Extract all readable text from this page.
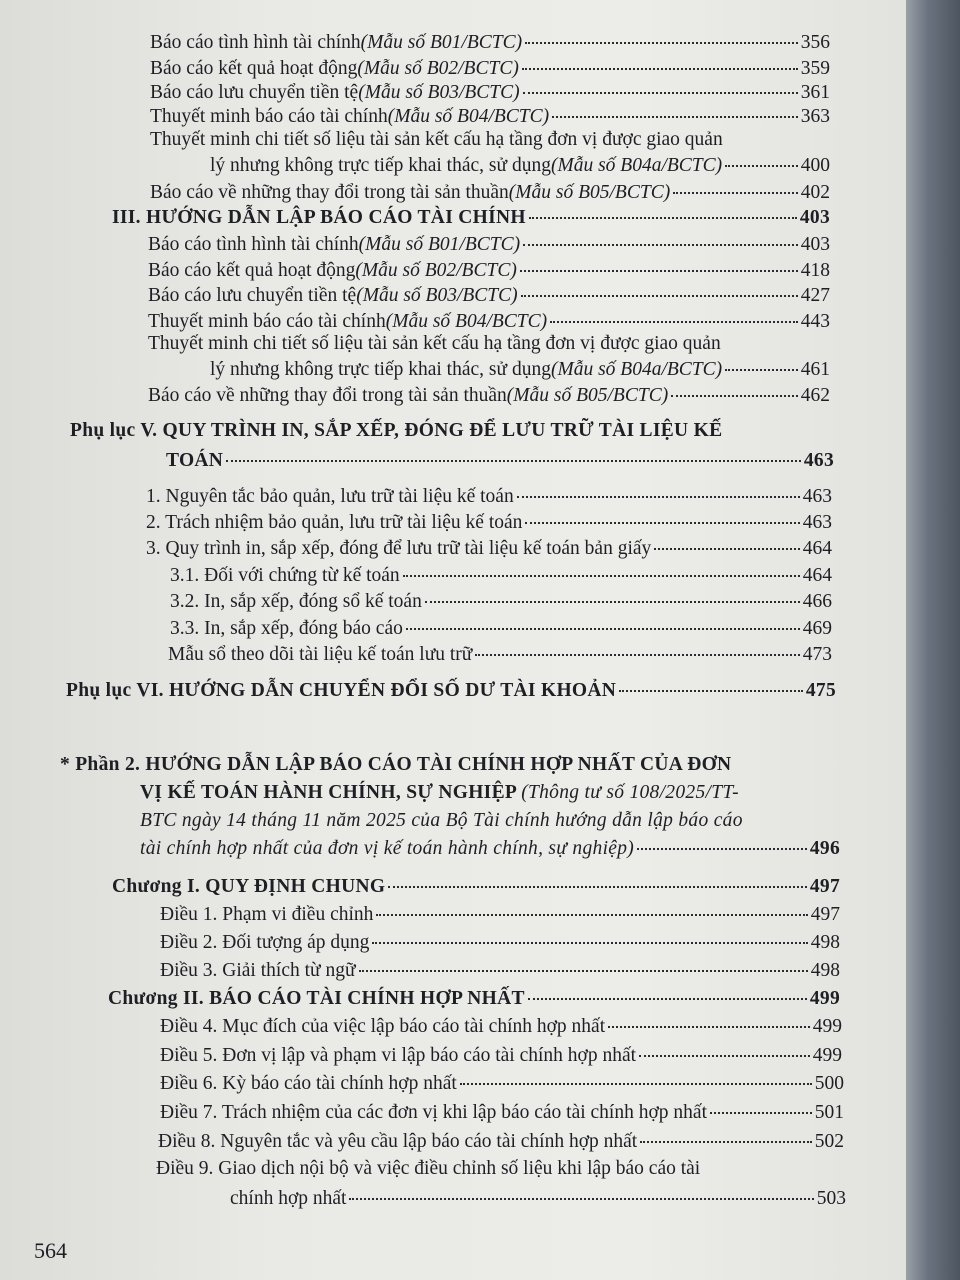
Báo cáo tình hình tài chính (Mẫu số B01/BCTC)	356
Báo cáo kết quả hoạt động (Mẫu số B02/BCTC)	359
Báo cáo lưu chuyển tiền tệ (Mẫu số B03/BCTC)	361
Thuyết minh báo cáo tài chính (Mẫu số B04/BCTC)	363
Thuyết minh chi tiết số liệu tài sản kết cấu hạ tầng đơn vị được giao quản
lý nhưng không trực tiếp khai thác, sử dụng (Mẫu số B04a/BCTC)	400
Báo cáo về những thay đổi trong tài sản thuần (Mẫu số B05/BCTC)	402
III. HƯỚNG DẪN LẬP BÁO CÁO TÀI CHÍNH	403
Báo cáo tình hình tài chính (Mẫu số B01/BCTC)	403
Báo cáo kết quả hoạt động (Mẫu số B02/BCTC)	418
Báo cáo lưu chuyển tiền tệ (Mẫu số B03/BCTC)	427
Thuyết minh báo cáo tài chính (Mẫu số B04/BCTC)	443
Thuyết minh chi tiết số liệu tài sản kết cấu hạ tầng đơn vị được giao quản
lý nhưng không trực tiếp khai thác, sử dụng (Mẫu số B04a/BCTC)	461
Báo cáo về những thay đổi trong tài sản thuần (Mẫu số B05/BCTC)	462
Phụ lục V. QUY TRÌNH IN, SẮP XẾP, ĐÓNG ĐỂ LƯU TRỮ TÀI LIỆU KẾ
TOÁN	463
1. Nguyên tắc bảo quản, lưu trữ tài liệu kế toán	463
2. Trách nhiệm bảo quản, lưu trữ tài liệu kế toán	463
3. Quy trình in, sắp xếp, đóng để lưu trữ tài liệu kế toán bản giấy	464
3.1. Đối với chứng từ kế toán	464
3.2. In, sắp xếp, đóng sổ kế toán	466
3.3. In, sắp xếp, đóng báo cáo	469
Mẫu sổ theo dõi tài liệu kế toán lưu trữ	473
Phụ lục VI. HƯỚNG DẪN CHUYỂN ĐỔI SỐ DƯ TÀI KHOẢN	475
* Phần 2. HƯỚNG DẪN LẬP BÁO CÁO TÀI CHÍNH HỢP NHẤT CỦA ĐƠN
VỊ KẾ TOÁN HÀNH CHÍNH, SỰ NGHIỆP (Thông tư số 108/2025/TT-
BTC ngày 14 tháng 11 năm 2025 của Bộ Tài chính hướng dẫn lập báo cáo
tài chính hợp nhất của đơn vị kế toán hành chính, sự nghiệp)	496
Chương I. QUY ĐỊNH CHUNG	497
Điều 1. Phạm vi điều chỉnh	497
Điều 2. Đối tượng áp dụng	498
Điều 3. Giải thích từ ngữ	498
Chương II. BÁO CÁO TÀI CHÍNH HỢP NHẤT	499
Điều 4. Mục đích của việc lập báo cáo tài chính hợp nhất	499
Điều 5. Đơn vị lập và phạm vi lập báo cáo tài chính hợp nhất	499
Điều 6. Kỳ báo cáo tài chính hợp nhất	500
Điều 7. Trách nhiệm của các đơn vị khi lập báo cáo tài chính hợp nhất	501
Điều 8. Nguyên tắc và yêu cầu lập báo cáo tài chính hợp nhất	502
Điều 9. Giao dịch nội bộ và việc điều chỉnh số liệu khi lập báo cáo tài
chính hợp nhất	503
564
